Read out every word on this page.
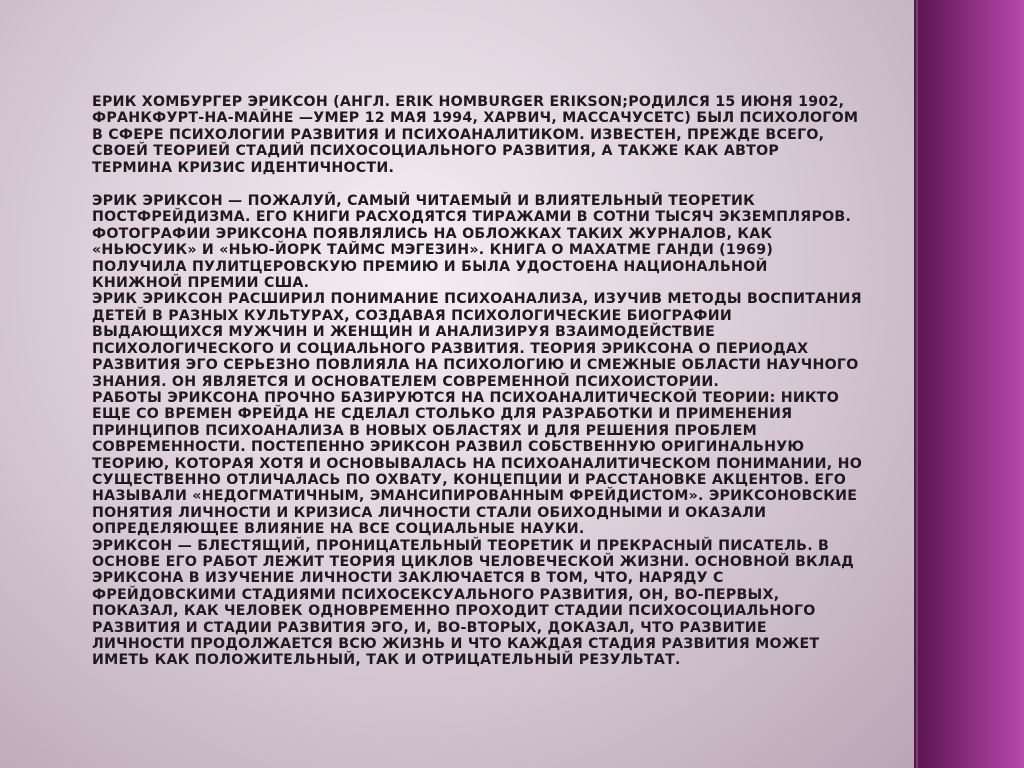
ЕРИК ХОМБУРГЕР ЭРИКСОН (АНГЛ. ERIK HOMBURGER ERIKSON;РОДИЛСЯ 15 ИЮНЯ 1902, ФРАНКФУРТ-НА-МАЙНЕ —УМЕР 12 МАЯ 1994, ХАРВИЧ, МАССАЧУСЕТС) БЫЛ ПСИХОЛОГОМ В СФЕРЕ ПСИХОЛОГИИ РАЗВИТИЯ И ПСИХОАНАЛИТИКОМ. ИЗВЕСТЕН, ПРЕЖДЕ ВСЕГО, СВОЕЙ ТЕОРИЕЙ СТАДИЙ ПСИХОСОЦИАЛЬНОГО РАЗВИТИЯ, А ТАКЖЕ КАК АВТОР ТЕРМИНА КРИЗИС ИДЕНТИЧНОСТИ.

ЭРИК ЭРИКСОН — ПОЖАЛУЙ, САМЫЙ ЧИТАЕМЫЙ И ВЛИЯТЕЛЬНЫЙ ТЕОРЕТИК ПОСТФРЕЙДИЗМА. ЕГО КНИГИ РАСХОДЯТСЯ ТИРАЖАМИ В СОТНИ ТЫСЯЧ ЭКЗЕМПЛЯРОВ. ФОТОГРАФИИ ЭРИКСОНА ПОЯВЛЯЛИСЬ НА ОБЛОЖКАХ ТАКИХ ЖУРНАЛОВ, КАК «НЬЮСУИК» И «НЬЮ-ЙОРК ТАЙМС МЭГЕЗИН». КНИГА О МАХАТМЕ ГАНДИ (1969) ПОЛУЧИЛА ПУЛИТЦЕРОВСКУЮ ПРЕМИЮ И БЫЛА УДОСТОЕНА НАЦИОНАЛЬНОЙ КНИЖНОЙ ПРЕМИИ США.

ЭРИК ЭРИКСОН РАСШИРИЛ ПОНИМАНИЕ ПСИХОАНАЛИЗА, ИЗУЧИВ МЕТОДЫ ВОСПИТАНИЯ ДЕТЕЙ В РАЗНЫХ КУЛЬТУРАХ, СОЗДАВАЯ ПСИХОЛОГИЧЕСКИЕ БИОГРАФИИ ВЫДАЮЩИХСЯ МУЖЧИН И ЖЕНЩИН И АНАЛИЗИРУЯ ВЗАИМОДЕЙСТВИЕ ПСИХОЛОГИЧЕСКОГО И СОЦИАЛЬНОГО РАЗВИТИЯ. ТЕОРИЯ ЭРИКСОНА О ПЕРИОДАХ РАЗВИТИЯ ЭГО СЕРЬЕЗНО ПОВЛИЯЛА НА ПСИХОЛОГИЮ И СМЕЖНЫЕ ОБЛАСТИ НАУЧНОГО ЗНАНИЯ. ОН ЯВЛЯЕТСЯ И ОСНОВАТЕЛЕМ СОВРЕМЕННОЙ ПСИХОИСТОРИИ.

РАБОТЫ ЭРИКСОНА ПРОЧНО БАЗИРУЮТСЯ НА ПСИХОАНАЛИТИЧЕСКОЙ ТЕОРИИ: НИКТО ЕЩЕ СО ВРЕМЕН ФРЕЙДА НЕ СДЕЛАЛ СТОЛЬКО ДЛЯ РАЗРАБОТКИ И ПРИМЕНЕНИЯ ПРИНЦИПОВ ПСИХОАНАЛИЗА В НОВЫХ ОБЛАСТЯХ И ДЛЯ РЕШЕНИЯ ПРОБЛЕМ СОВРЕМЕННОСТИ. ПОСТЕПЕННО ЭРИКСОН РАЗВИЛ СОБСТВЕННУЮ ОРИГИНАЛЬНУЮ ТЕОРИЮ, КОТОРАЯ ХОТЯ И ОСНОВЫВАЛАСЬ НА ПСИХОАНАЛИТИЧЕСКОМ ПОНИМАНИИ, НО СУЩЕСТВЕННО ОТЛИЧАЛАСЬ ПО ОХВАТУ, КОНЦЕПЦИИ И РАССТАНОВКЕ АКЦЕНТОВ. ЕГО НАЗЫВАЛИ «НЕДОГМАТИЧНЫМ, ЭМАНСИПИРОВАННЫМ ФРЕЙДИСТОМ». ЭРИКСОНОВСКИЕ ПОНЯТИЯ ЛИЧНОСТИ И КРИЗИСА ЛИЧНОСТИ СТАЛИ ОБИХОДНЫМИ И ОКАЗАЛИ ОПРЕДЕЛЯЮЩЕЕ ВЛИЯНИЕ НА ВСЕ СОЦИАЛЬНЫЕ НАУКИ.

ЭРИКСОН — БЛЕСТЯЩИЙ, ПРОНИЦАТЕЛЬНЫЙ ТЕОРЕТИК И ПРЕКРАСНЫЙ ПИСАТЕЛЬ. В ОСНОВЕ ЕГО РАБОТ ЛЕЖИТ ТЕОРИЯ ЦИКЛОВ ЧЕЛОВЕЧЕСКОЙ ЖИЗНИ. ОСНОВНОЙ ВКЛАД ЭРИКСОНА В ИЗУЧЕНИЕ ЛИЧНОСТИ ЗАКЛЮЧАЕТСЯ В ТОМ, ЧТО, НАРЯДУ С ФРЕЙДОВСКИМИ СТАДИЯМИ ПСИХОСЕКСУАЛЬНОГО РАЗВИТИЯ, ОН, ВО-ПЕРВЫХ, ПОКАЗАЛ, КАК ЧЕЛОВЕК ОДНОВРЕМЕННО ПРОХОДИТ СТАДИИ ПСИХОСОЦИАЛЬНОГО РАЗВИТИЯ И СТАДИИ РАЗВИТИЯ ЭГО, И, ВО-ВТОРЫХ, ДОКАЗАЛ, ЧТО РАЗВИТИЕ ЛИЧНОСТИ ПРОДОЛЖАЕТСЯ ВСЮ ЖИЗНЬ И ЧТО КАЖДАЯ СТАДИЯ РАЗВИТИЯ МОЖЕТ ИМЕТЬ КАК ПОЛОЖИТЕЛЬНЫЙ, ТАК И ОТРИЦАТЕЛЬНЫЙ РЕЗУЛЬТАТ.
